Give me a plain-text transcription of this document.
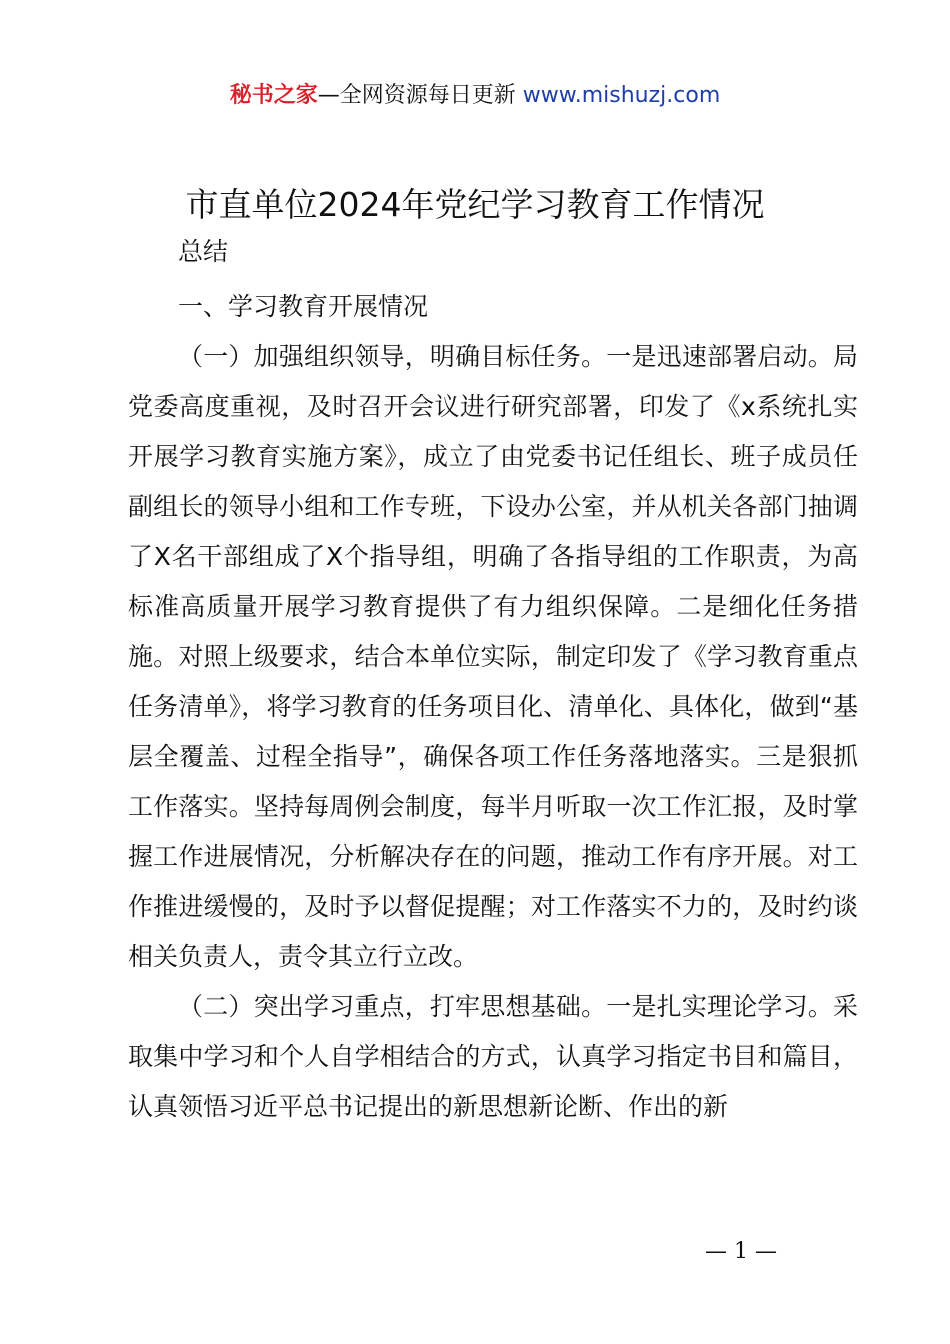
秘书之家—全网资源每日更新 www.mishuzj.com
市直单位2024年党纪学习教育工作情况
总结

一、学习教育开展情况

（一）加强组织领导，明确目标任务。一是迅速部署启动。局党委高度重视，及时召开会议进行研究部署，印发了《x系统扎实开展学习教育实施方案》，成立了由党委书记任组长、班子成员任副组长的领导小组和工作专班，下设办公室，并从机关各部门抽调了X名干部组成了X个指导组，明确了各指导组的工作职责，为高标准高质量开展学习教育提供了有力组织保障。二是细化任务措施。对照上级要求，结合本单位实际，制定印发了《学习教育重点任务清单》，将学习教育的任务项目化、清单化、具体化，做到“基层全覆盖、过程全指导”，确保各项工作任务落地落实。三是狠抓工作落实。坚持每周例会制度，每半月听取一次工作汇报，及时掌握工作进展情况，分析解决存在的问题，推动工作有序开展。对工作推进缓慢的，及时予以督促提醒；对工作落实不力的，及时约谈相关负责人，责令其立行立改。

（二）突出学习重点，打牢思想基础。一是扎实理论学习。采取集中学习和个人自学相结合的方式，认真学习指定书目和篇目，认真领悟习近平总书记提出的新思想新论断、作出的新

— 1 —
